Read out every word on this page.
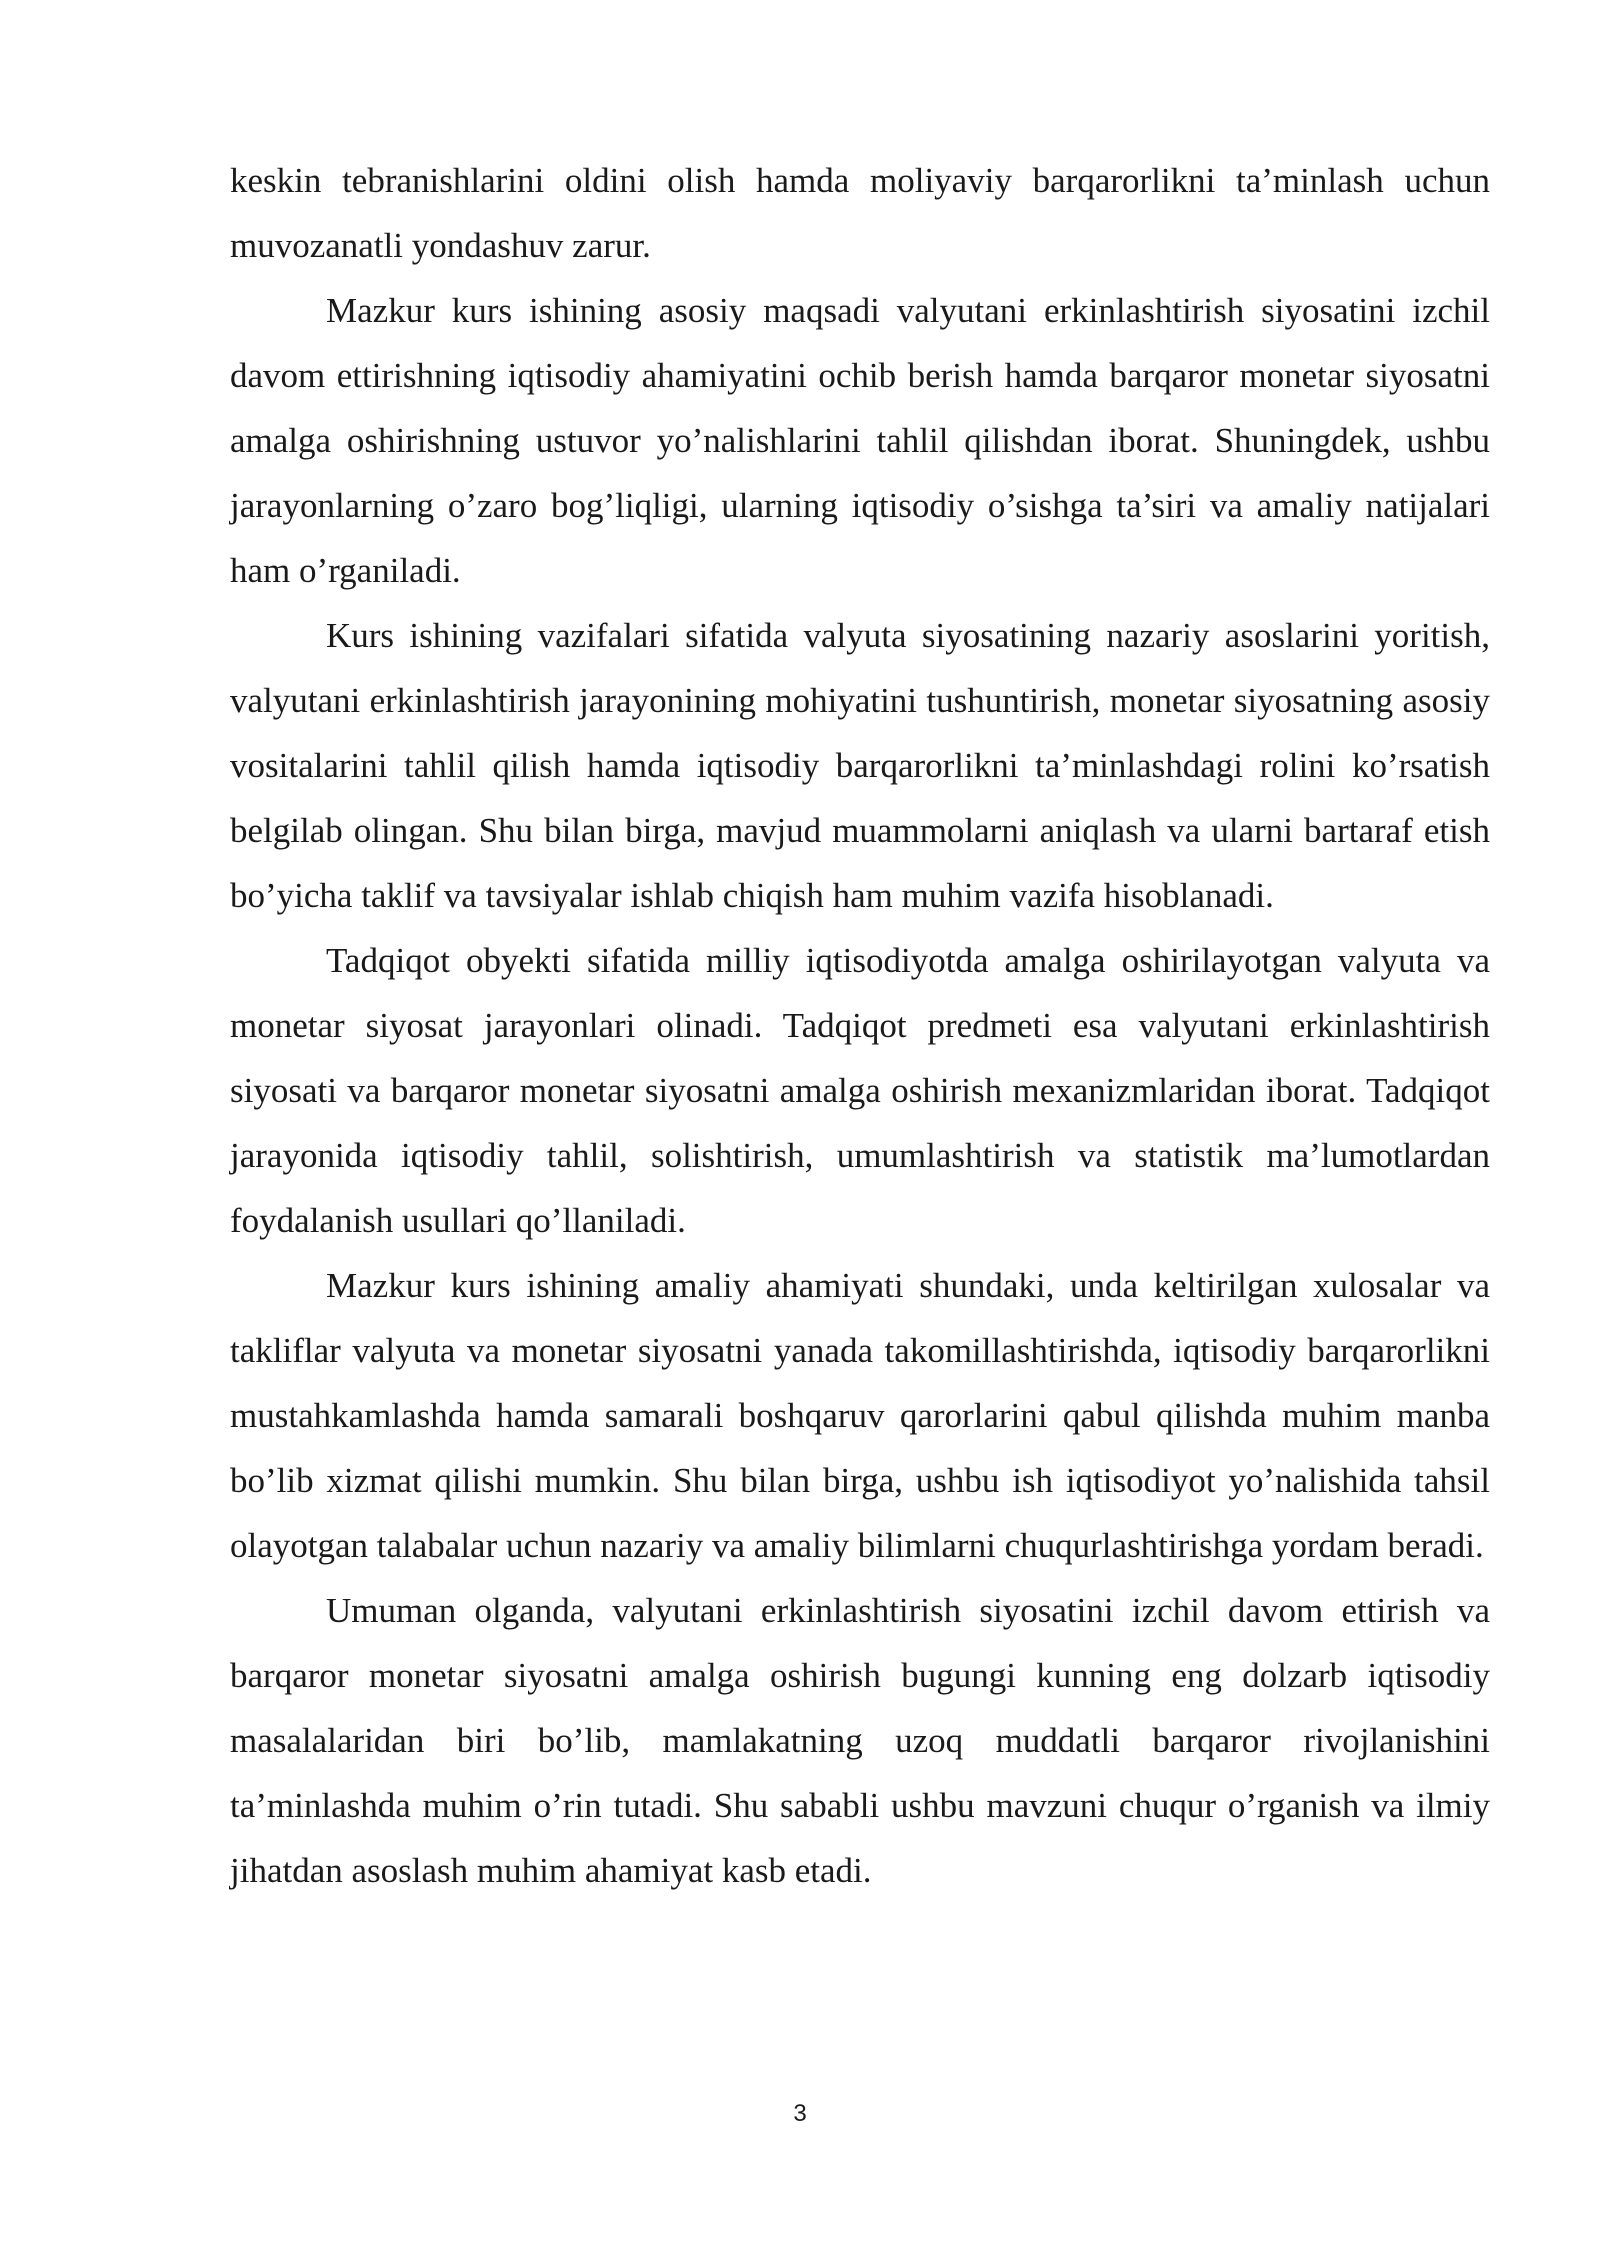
keskin tebranishlarini oldini olish hamda moliyaviy barqarorlikni ta’minlash uchun muvozanatli yondashuv zarur.

Mazkur kurs ishining asosiy maqsadi valyutani erkinlashtirish siyosatini izchil davom ettirishning iqtisodiy ahamiyatini ochib berish hamda barqaror monetar siyosatni amalga oshirishning ustuvor yo’nalishlarini tahlil qilishdan iborat. Shuningdek, ushbu jarayonlarning o’zaro bog’liqligi, ularning iqtisodiy o’sishga ta’siri va amaliy natijalari ham o’rganiladi.

Kurs ishining vazifalari sifatida valyuta siyosatining nazariy asoslarini yoritish, valyutani erkinlashtirish jarayonining mohiyatini tushuntirish, monetar siyosatning asosiy vositalarini tahlil qilish hamda iqtisodiy barqarorlikni ta’minlashdagi rolini ko’rsatish belgilab olingan. Shu bilan birga, mavjud muammolarni aniqlash va ularni bartaraf etish bo’yicha taklif va tavsiyalar ishlab chiqish ham muhim vazifa hisoblanadi.

Tadqiqot obyekti sifatida milliy iqtisodiyotda amalga oshirilayotgan valyuta va monetar siyosat jarayonlari olinadi. Tadqiqot predmeti esa valyutani erkinlashtirish siyosati va barqaror monetar siyosatni amalga oshirish mexanizmlaridan iborat. Tadqiqot jarayonida iqtisodiy tahlil, solishtirish, umumlashtirish va statistik ma’lumotlardan foydalanish usullari qo’llaniladi.

Mazkur kurs ishining amaliy ahamiyati shundaki, unda keltirilgan xulosalar va takliflar valyuta va monetar siyosatni yanada takomillashtirishda, iqtisodiy barqarorlikni mustahkamlashda hamda samarali boshqaruv qarorlarini qabul qilishda muhim manba bo’lib xizmat qilishi mumkin. Shu bilan birga, ushbu ish iqtisodiyot yo’nalishida tahsil olayotgan talabalar uchun nazariy va amaliy bilimlarni chuqurlashtirishga yordam beradi.

Umuman olganda, valyutani erkinlashtirish siyosatini izchil davom ettirish va barqaror monetar siyosatni amalga oshirish bugungi kunning eng dolzarb iqtisodiy masalalaridan biri bo’lib, mamlakatning uzoq muddatli barqaror rivojlanishini ta’minlashda muhim o’rin tutadi. Shu sababli ushbu mavzuni chuqur o’rganish va ilmiy jihatdan asoslash muhim ahamiyat kasb etadi.

3
